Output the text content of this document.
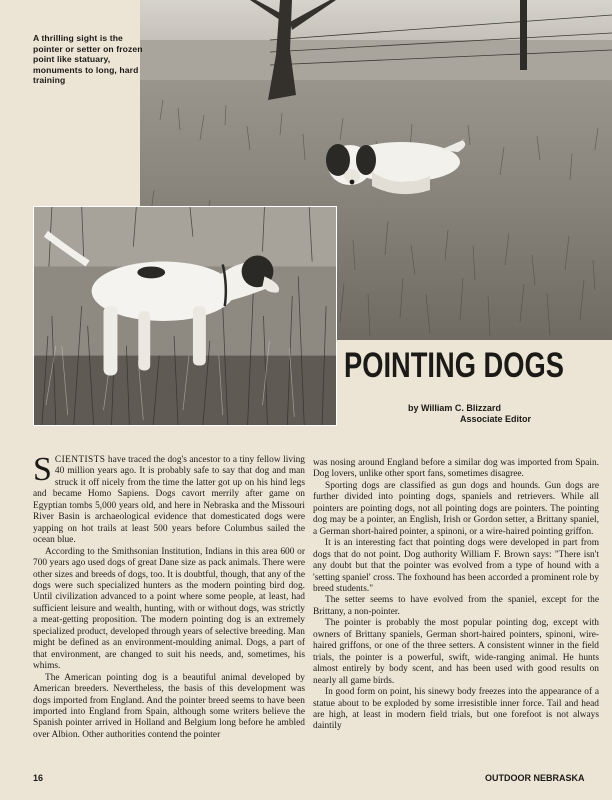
A thrilling sight is the pointer or setter on frozen point like statuary, monuments to long, hard training
POINTING DOGS
by William C. Blizzard
Associate Editor

SCIENTISTS have traced the dog's ancestor to a tiny fellow living 40 million years ago. It is probably safe to say that dog and man struck it off nicely from the time the latter got up on his hind legs and became Homo Sapiens. Dogs cavort merrily after game on Egyptian tombs 5,000 years old, and here in Nebraska and the Missouri River Basin is archaeological evidence that domesticated dogs were yapping on hot trails at least 500 years before Columbus sailed the ocean blue.

According to the Smithsonian Institution, Indians in this area 600 or 700 years ago used dogs of great Dane size as pack animals. There were other sizes and breeds of dogs, too. It is doubtful, though, that any of the dogs were such specialized hunters as the modern pointing bird dog. Until civilization advanced to a point where some people, at least, had sufficient leisure and wealth, hunting, with or without dogs, was strictly a meat-getting proposition. The modern pointing dog is an extremely specialized product, developed through years of selective breeding. Man might be defined as an environment-moulding animal. Dogs, a part of that environment, are changed to suit his needs, and, sometimes, his whims.

The American pointing dog is a beautiful animal developed by American breeders. Nevertheless, the basis of this development was dogs imported from England. And the pointer breed seems to have been imported into England from Spain, although some writers believe the Spanish pointer arrived in Holland and Belgium long before he ambled over Albion. Other authorities contend the pointer

was nosing around England before a similar dog was imported from Spain. Dog lovers, unlike other sport fans, sometimes disagree.

Sporting dogs are classified as gun dogs and hounds. Gun dogs are further divided into pointing dogs, spaniels and retrievers. While all pointers are pointing dogs, not all pointing dogs are pointers. The pointing dog may be a pointer, an English, Irish or Gordon setter, a Brittany spaniel, a German short-haired pointer, a spinoni, or a wire-haired pointing griffon.

It is an interesting fact that pointing dogs were developed in part from dogs that do not point. Dog authority William F. Brown says: "There isn't any doubt but that the pointer was evolved from a type of hound with a 'setting spaniel' cross. The foxhound has been accorded a prominent role by breed students."

The setter seems to have evolved from the spaniel, except for the Brittany, a non-pointer.

The pointer is probably the most popular pointing dog, except with owners of Brittany spaniels, German short-haired pointers, spinoni, wire-haired griffons, or one of the three setters. A consistent winner in the field trials, the pointer is a powerful, swift, wide-ranging animal. He hunts almost entirely by body scent, and has been used with good results on nearly all game birds.

In good form on point, his sinewy body freezes into the appearance of a statue about to be exploded by some irresistible inner force. Tail and head are high, at least in modern field trials, but one forefoot is not always daintily

16	OUTDOOR NEBRASKA
